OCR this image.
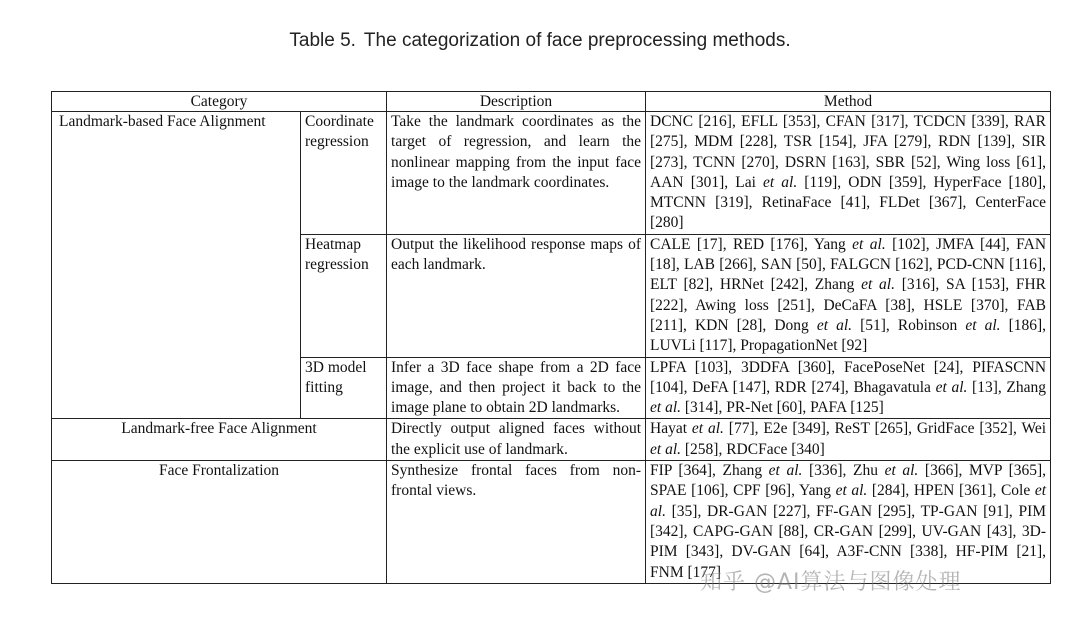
Table 5. The categorization of face preprocessing methods.
Category		Description	Method
Landmark-based Face Alignment	Coordinate regression	Take the landmark coordinates as the target of regression, and learn the nonlinear mapping from the input face image to the landmark coordinates.	DCNC [216], EFLL [353], CFAN [317], TCDCN [339], RAR [275], MDM [228], TSR [154], JFA [279], RDN [139], SIR [273], TCNN [270], DSRN [163], SBR [52], Wing loss [61], AAN [301], Lai et al. [119], ODN [359], HyperFace [180], MTCNN [319], RetinaFace [41], FLDet [367], CenterFace [280]
	Heatmap regression	Output the likelihood response maps of each landmark.	CALE [17], RED [176], Yang et al. [102], JMFA [44], FAN [18], LAB [266], SAN [50], FALGCN [162], PCD-CNN [116], ELT [82], HRNet [242], Zhang et al. [316], SA [153], FHR [222], Awing loss [251], DeCaFA [38], HSLE [370], FAB [211], KDN [28], Dong et al. [51], Robinson et al. [186], LUVLi [117], PropagationNet [92]
	3D model fitting	Infer a 3D face shape from a 2D face image, and then project it back to the image plane to obtain 2D landmarks.	LPFA [103], 3DDFA [360], FacePoseNet [24], PIFASCNN [104], DeFA [147], RDR [274], Bhagavatula et al. [13], Zhang et al. [314], PR-Net [60], PAFA [125]
Landmark-free Face Alignment		Directly output aligned faces without the explicit use of landmark.	Hayat et al. [77], E2e [349], ReST [265], GridFace [352], Wei et al. [258], RDCFace [340]
Face Frontalization		Synthesize frontal faces from non-frontal views.	FIP [364], Zhang et al. [336], Zhu et al. [366], MVP [365], SPAE [106], CPF [96], Yang et al. [284], HPEN [361], Cole et al. [35], DR-GAN [227], FF-GAN [295], TP-GAN [91], PIM [342], CAPG-GAN [88], CR-GAN [299], UV-GAN [43], 3D-PIM [343], DV-GAN [64], A3F-CNN [338], HF-PIM [21], FNM [177]
知乎 @AI算法与图像处理
